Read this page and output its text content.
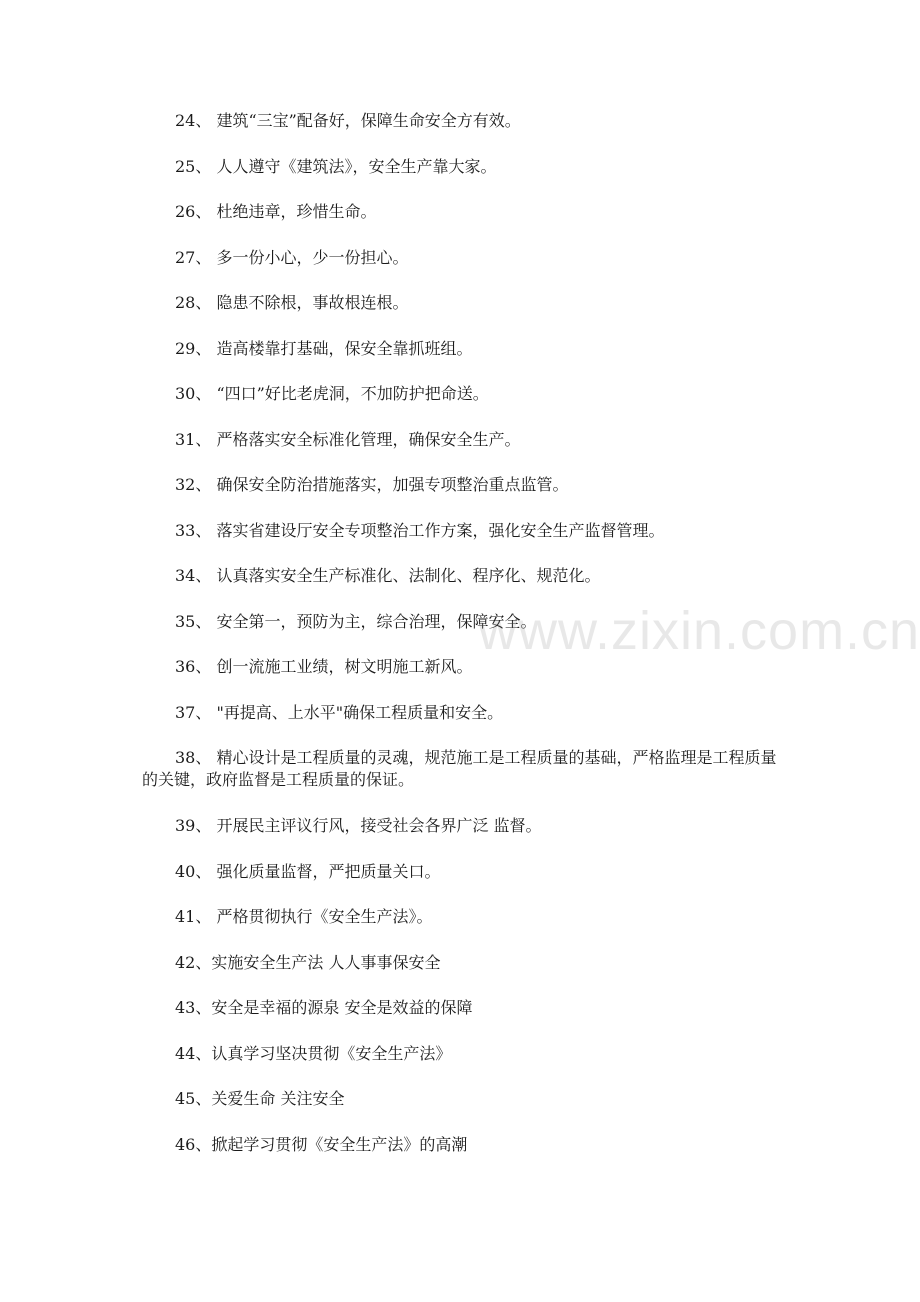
24、 建筑“三宝”配备好，保障生命安全方有效。

25、 人人遵守《建筑法》，安全生产靠大家。

26、 杜绝违章，珍惜生命。

27、 多一份小心，少一份担心。

28、 隐患不除根，事故根连根。

29、 造高楼靠打基础，保安全靠抓班组。

30、 “四口”好比老虎洞，不加防护把命送。

31、 严格落实安全标准化管理，确保安全生产。

32、 确保安全防治措施落实，加强专项整治重点监管。

33、 落实省建设厅安全专项整治工作方案，强化安全生产监督管理。

34、 认真落实安全生产标准化、法制化、程序化、规范化。

35、 安全第一，预防为主，综合治理，保障安全。

36、 创一流施工业绩，树文明施工新风。

37、 "再提高、上水平"确保工程质量和安全。

38、 精心设计是工程质量的灵魂，规范施工是工程质量的基础，严格监理是工程质量的关键，政府监督是工程质量的保证。

39、 开展民主评议行风，接受社会各界广泛 监督。

40、 强化质量监督，严把质量关口。

41、 严格贯彻执行《安全生产法》。

42、实施安全生产法 人人事事保安全

43、安全是幸福的源泉 安全是效益的保障

44、认真学习坚决贯彻《安全生产法》

45、关爱生命 关注安全

46、掀起学习贯彻《安全生产法》的高潮

www.zixin.com.cn
